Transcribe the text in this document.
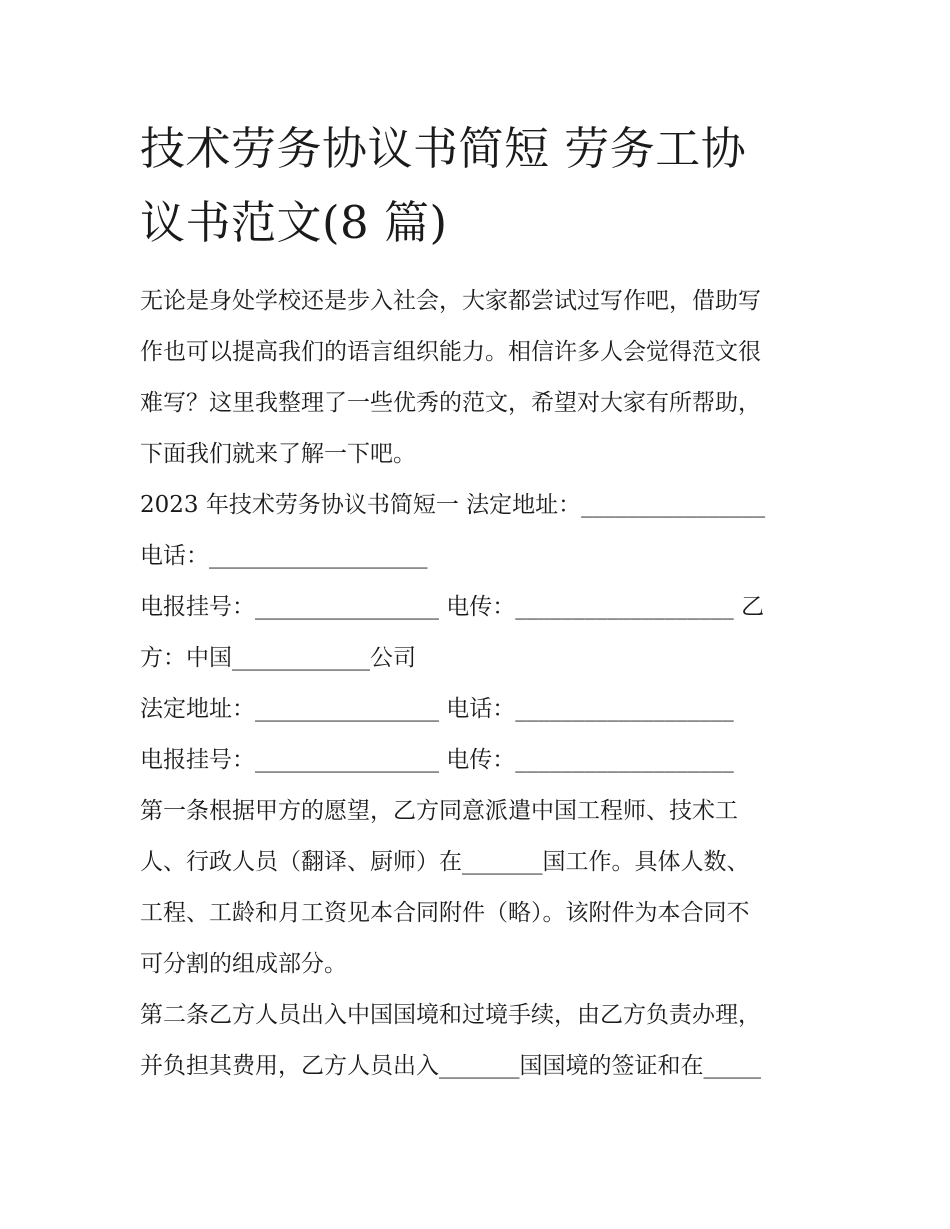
技术劳务协议书简短 劳务工协
议书范文(8 篇)

无论是身处学校还是步入社会，大家都尝试过写作吧，借助写

作也可以提高我们的语言组织能力。相信许多人会觉得范文很

难写？这里我整理了一些优秀的范文，希望对大家有所帮助，

下面我们就来了解一下吧。

2023 年技术劳务协议书简短一 法定地址：________________

电话：___________________

电报挂号：________________ 电传：___________________ 乙

方：中国____________公司

法定地址：________________ 电话：___________________

电报挂号：________________ 电传：___________________

第一条根据甲方的愿望，乙方同意派遣中国工程师、技术工

人、行政人员（翻译、厨师）在_______国工作。具体人数、

工程、工龄和月工资见本合同附件（略）。该附件为本合同不

可分割的组成部分。

第二条乙方人员出入中国国境和过境手续，由乙方负责办理，

并负担其费用，乙方人员出入_______国国境的签证和在_____
